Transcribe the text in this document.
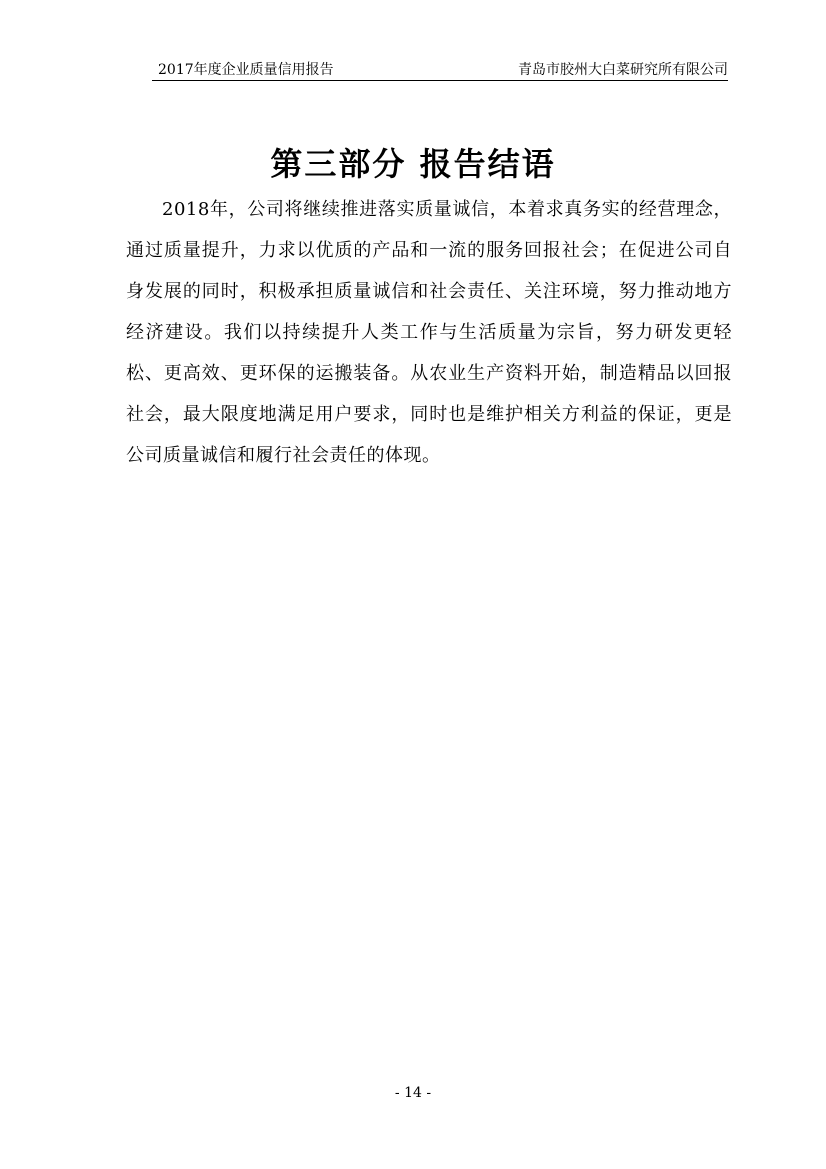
2017年度企业质量信用报告	青岛市胶州大白菜研究所有限公司
第三部分 报告结语

2018年，公司将继续推进落实质量诚信，本着求真务实的经营理念，通过质量提升，力求以优质的产品和一流的服务回报社会；在促进公司自身发展的同时，积极承担质量诚信和社会责任、关注环境，努力推动地方经济建设。我们以持续提升人类工作与生活质量为宗旨，努力研发更轻松、更高效、更环保的运搬装备。从农业生产资料开始，制造精品以回报社会，最大限度地满足用户要求，同时也是维护相关方利益的保证，更是公司质量诚信和履行社会责任的体现。

- 14 -
